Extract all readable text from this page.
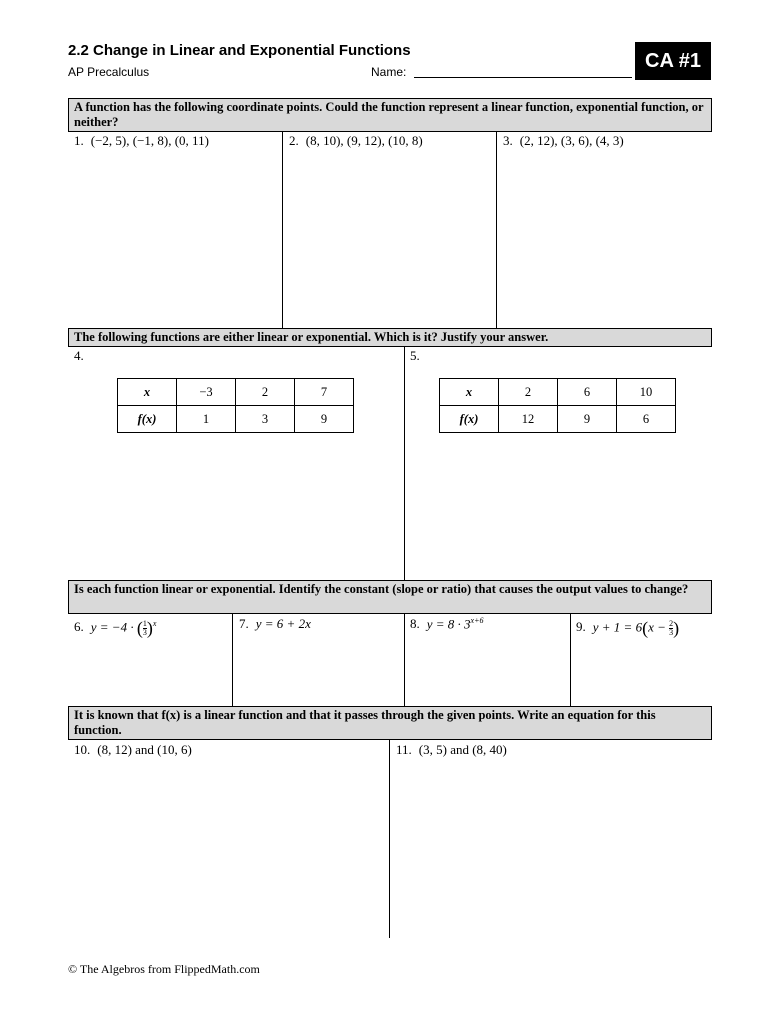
2.2 Change in Linear and Exponential Functions
AP Precalculus	Name:
CA #1
A function has the following coordinate points. Could the function represent a linear function, exponential function, or neither?
1. (−2, 5), (−1, 8), (0, 11)	2. (8, 10), (9, 12), (10, 8)	3. (2, 12), (3, 6), (4, 3)
The following functions are either linear or exponential. Which is it? Justify your answer.
4.	5.
x	−3	2	7
f(x)	1	3	9
x	2	6	10
f(x)	12	9	6
Is each function linear or exponential. Identify the constant (slope or ratio) that causes the output values to change?
6. y = −4 · ( $\frac{1}{3} )^x$	7. y = 6 + 2x	8. $y = 8 \cdot 3^{x+6}$	9. $y + 1 = 6(x - \frac{2}{3}$ )
It is known that f(x) is a linear function and that it passes through the given points. Write an equation for this function.
10. (8, 12) and (10, 6)	11. (3, 5) and (8, 40)
© The Algebros from FlippedMath.com
